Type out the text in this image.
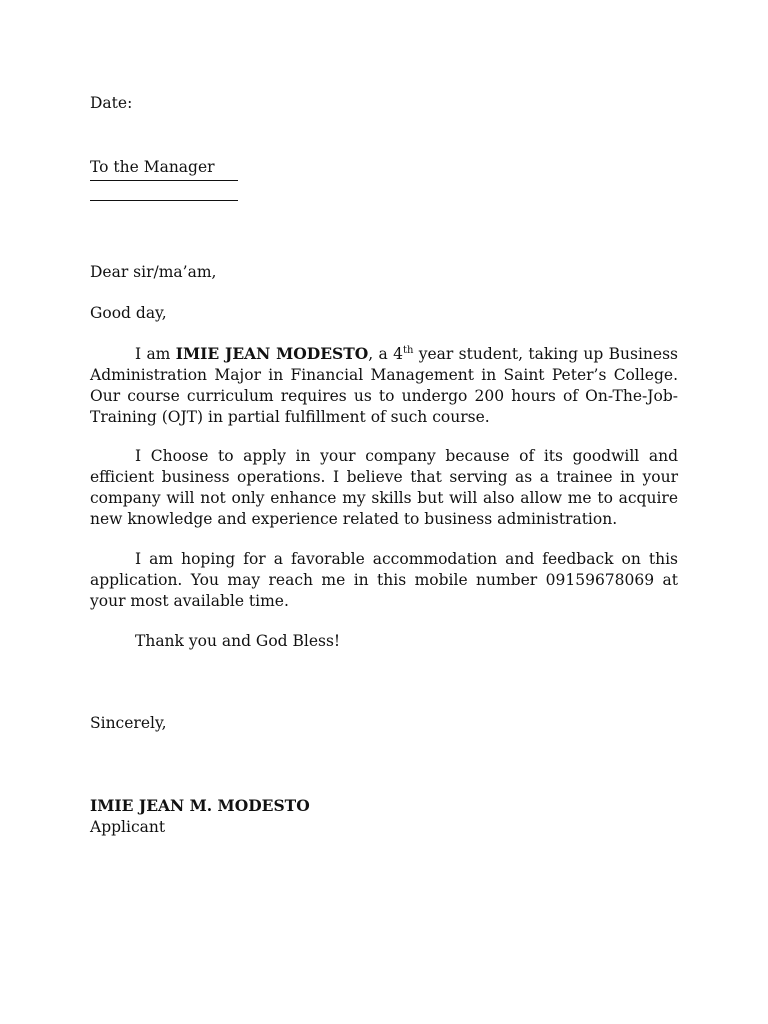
Date:
To the Manager
Dear sir/ma’am,
Good day,
I am IMIE JEAN MODESTO, a 4th year student, taking up Business Administration Major in Financial Management in Saint Peter’s College. Our course curriculum requires us to undergo 200 hours of On-The-Job-Training (OJT) in partial fulfillment of such course.
I Choose to apply in your company because of its goodwill and efficient business operations. I believe that serving as a trainee in your company will not only enhance my skills but will also allow me to acquire new knowledge and experience related to business administration.
I am hoping for a favorable accommodation and feedback on this application. You may reach me in this mobile number 09159678069 at your most available time.
Thank you and God Bless!
Sincerely,
IMIE JEAN M. MODESTO
Applicant
